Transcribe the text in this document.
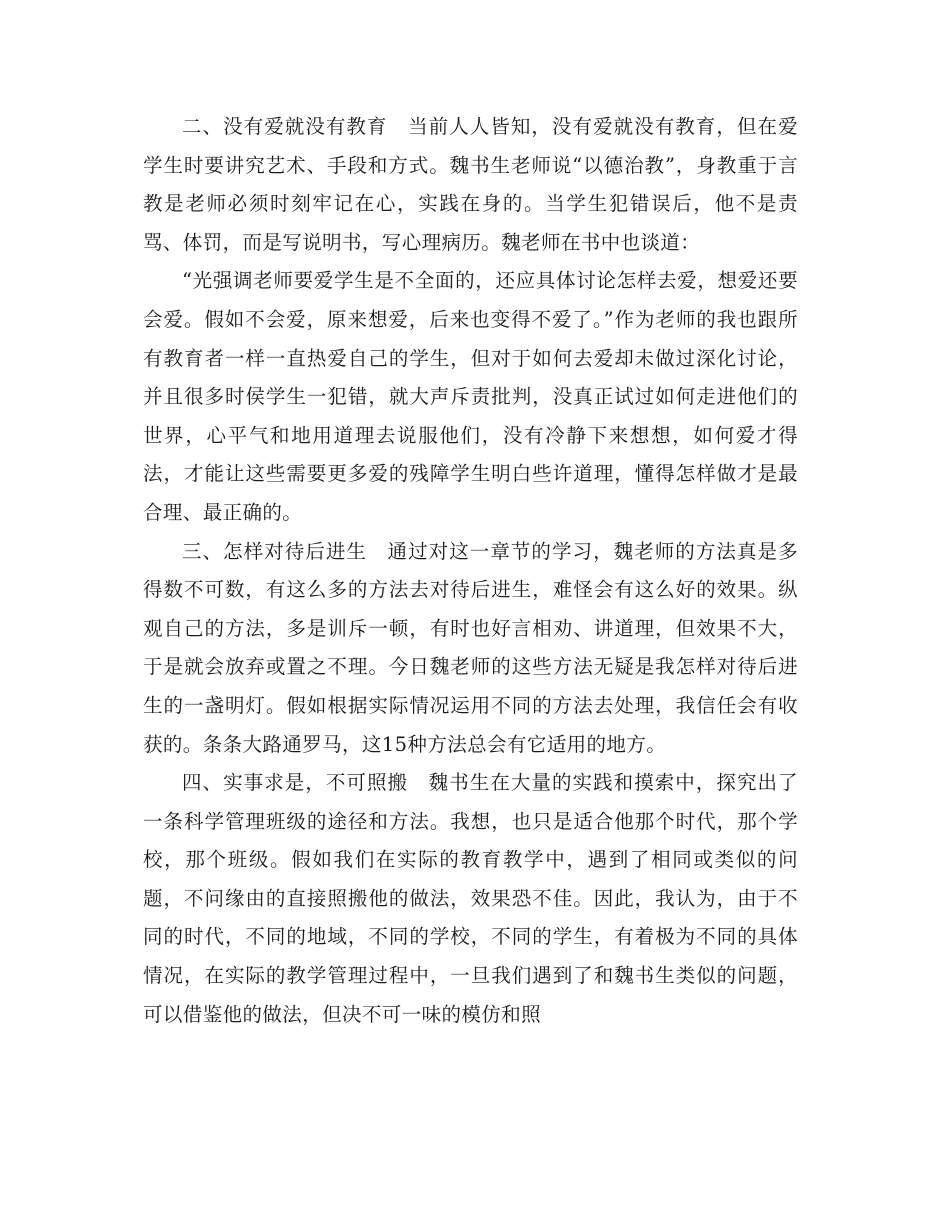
二、没有爱就没有教育　当前人人皆知，没有爱就没有教育，但在爱学生时要讲究艺术、手段和方式。魏书生老师说“以德治教”，身教重于言教是老师必须时刻牢记在心，实践在身的。当学生犯错误后，他不是责骂、体罚，而是写说明书，写心理病历。魏老师在书中也谈道：

“光强调老师要爱学生是不全面的，还应具体讨论怎样去爱，想爱还要会爱。假如不会爱，原来想爱，后来也变得不爱了。”作为老师的我也跟所有教育者一样一直热爱自己的学生，但对于如何去爱却未做过深化讨论，并且很多时侯学生一犯错，就大声斥责批判，没真正试过如何走进他们的世界，心平气和地用道理去说服他们，没有冷静下来想想，如何爱才得法，才能让这些需要更多爱的残障学生明白些许道理，懂得怎样做才是最合理、最正确的。

三、怎样对待后进生　通过对这一章节的学习，魏老师的方法真是多得数不可数，有这么多的方法去对待后进生，难怪会有这么好的效果。纵观自己的方法，多是训斥一顿，有时也好言相劝、讲道理，但效果不大，于是就会放弃或置之不理。今日魏老师的这些方法无疑是我怎样对待后进生的一盏明灯。假如根据实际情况运用不同的方法去处理，我信任会有收获的。条条大路通罗马，这15种方法总会有它适用的地方。

四、实事求是，不可照搬　魏书生在大量的实践和摸索中，探究出了一条科学管理班级的途径和方法。我想，也只是适合他那个时代，那个学校，那个班级。假如我们在实际的教育教学中，遇到了相同或类似的问题，不问缘由的直接照搬他的做法，效果恐不佳。因此，我认为，由于不同的时代，不同的地域，不同的学校，不同的学生，有着极为不同的具体情况，在实际的教学管理过程中，一旦我们遇到了和魏书生类似的问题，可以借鉴他的做法，但决不可一味的模仿和照
